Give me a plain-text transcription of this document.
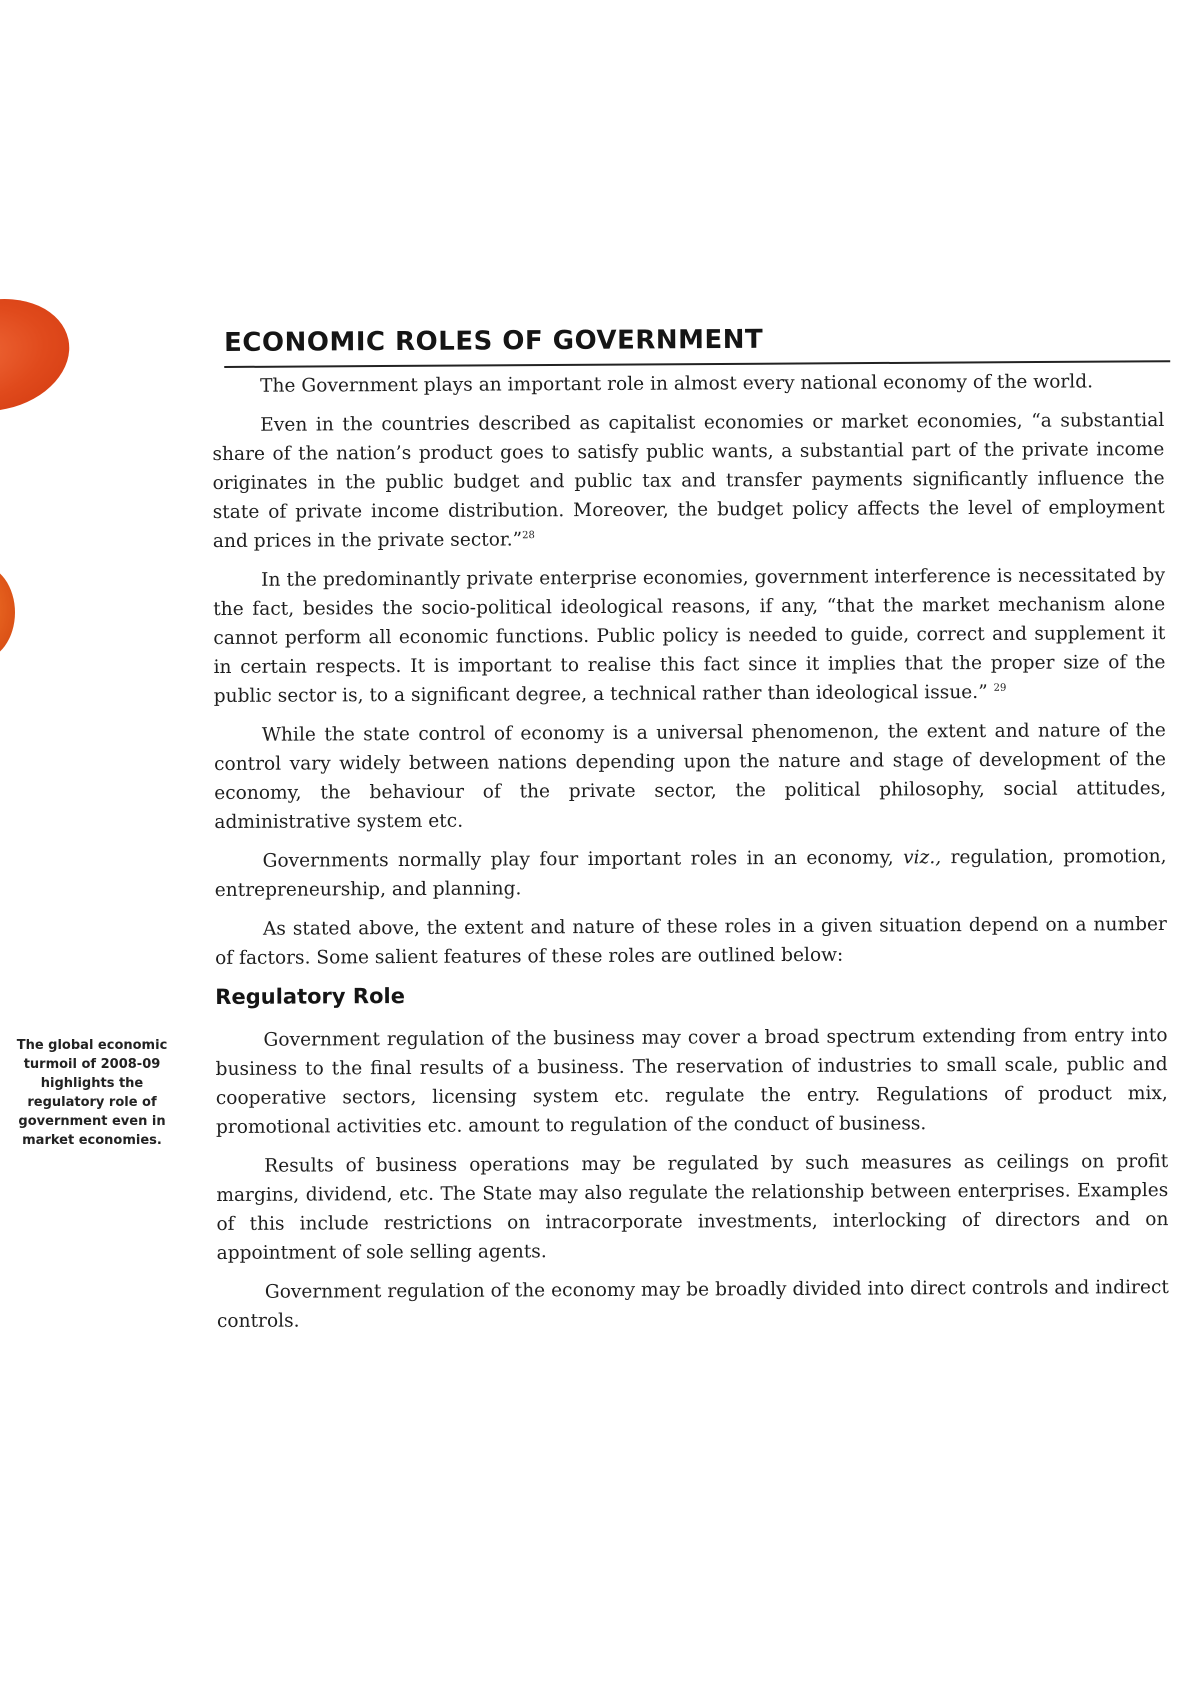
ECONOMIC ROLES OF GOVERNMENT

The Government plays an important role in almost every national economy of the world.

Even in the countries described as capitalist economies or market economies, “a substantial share of the nation’s product goes to satisfy public wants, a substantial part of the private income originates in the public budget and public tax and transfer payments significantly influence the state of private income distribution. Moreover, the budget policy affects the level of employment and prices in the private sector.”$^{28}$

In the predominantly private enterprise economies, government interference is necessitated by the fact, besides the socio-political ideological reasons, if any, “that the market mechanism alone cannot perform all economic functions. Public policy is needed to guide, correct and supplement it in certain respects. It is important to realise this fact since it implies that the proper size of the public sector is, to a significant degree, a technical rather than ideological issue.” $^{29}$

While the state control of economy is a universal phenomenon, the extent and nature of the control vary widely between nations depending upon the nature and stage of development of the economy, the behaviour of the private sector, the political philosophy, social attitudes, administrative system etc.

Governments normally play four important roles in an economy, viz., regulation, promotion, entrepreneurship, and planning.

As stated above, the extent and nature of these roles in a given situation depend on a number of factors. Some salient features of these roles are outlined below:

Regulatory Role

Government regulation of the business may cover a broad spectrum extending from entry into business to the final results of a business. The reservation of industries to small scale, public and cooperative sectors, licensing system etc. regulate the entry. Regulations of product mix, promotional activities etc. amount to regulation of the conduct of business.

Results of business operations may be regulated by such measures as ceilings on profit margins, dividend, etc. The State may also regulate the relationship between enterprises. Examples of this include restrictions on intracorporate investments, interlocking of directors and on appointment of sole selling agents.

Government regulation of the economy may be broadly divided into direct controls and indirect controls.

The global economic turmoil of 2008-09 highlights the regulatory role of government even in market economies.
